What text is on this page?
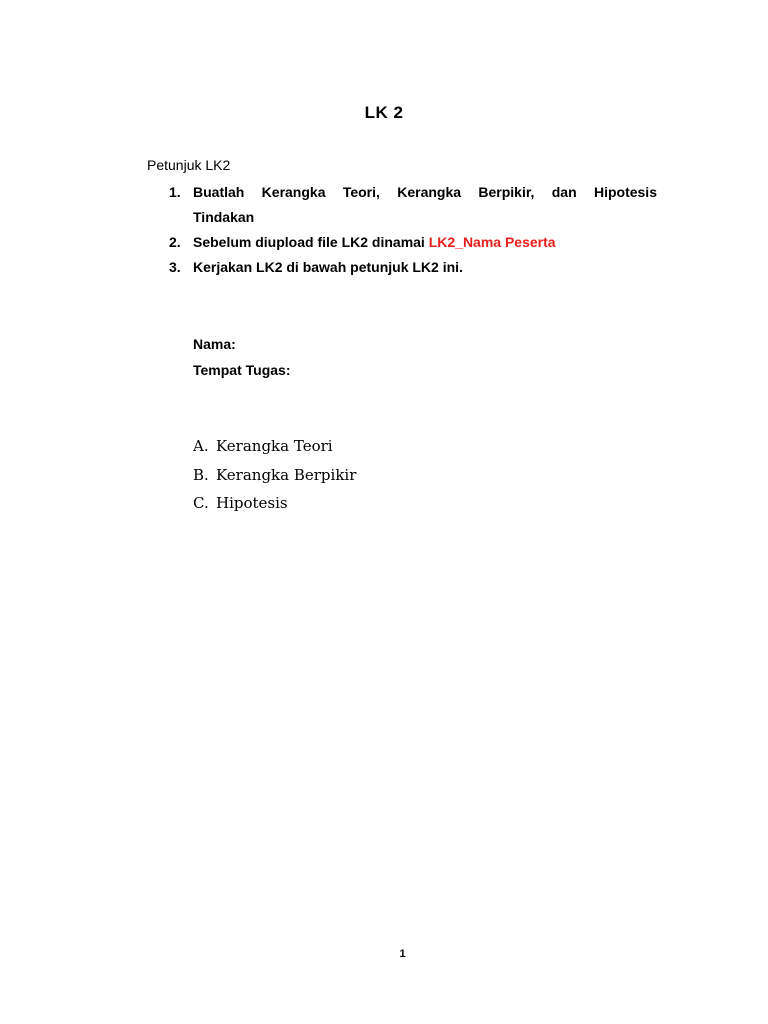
LK 2
Petunjuk LK2
1. Buatlah Kerangka Teori, Kerangka Berpikir, dan Hipotesis
Tindakan
2. Sebelum diupload file LK2 dinamai LK2_Nama Peserta
3. Kerjakan LK2 di bawah petunjuk LK2 ini.
Nama:
Tempat Tugas:
A. Kerangka Teori
B. Kerangka Berpikir
C. Hipotesis
1
